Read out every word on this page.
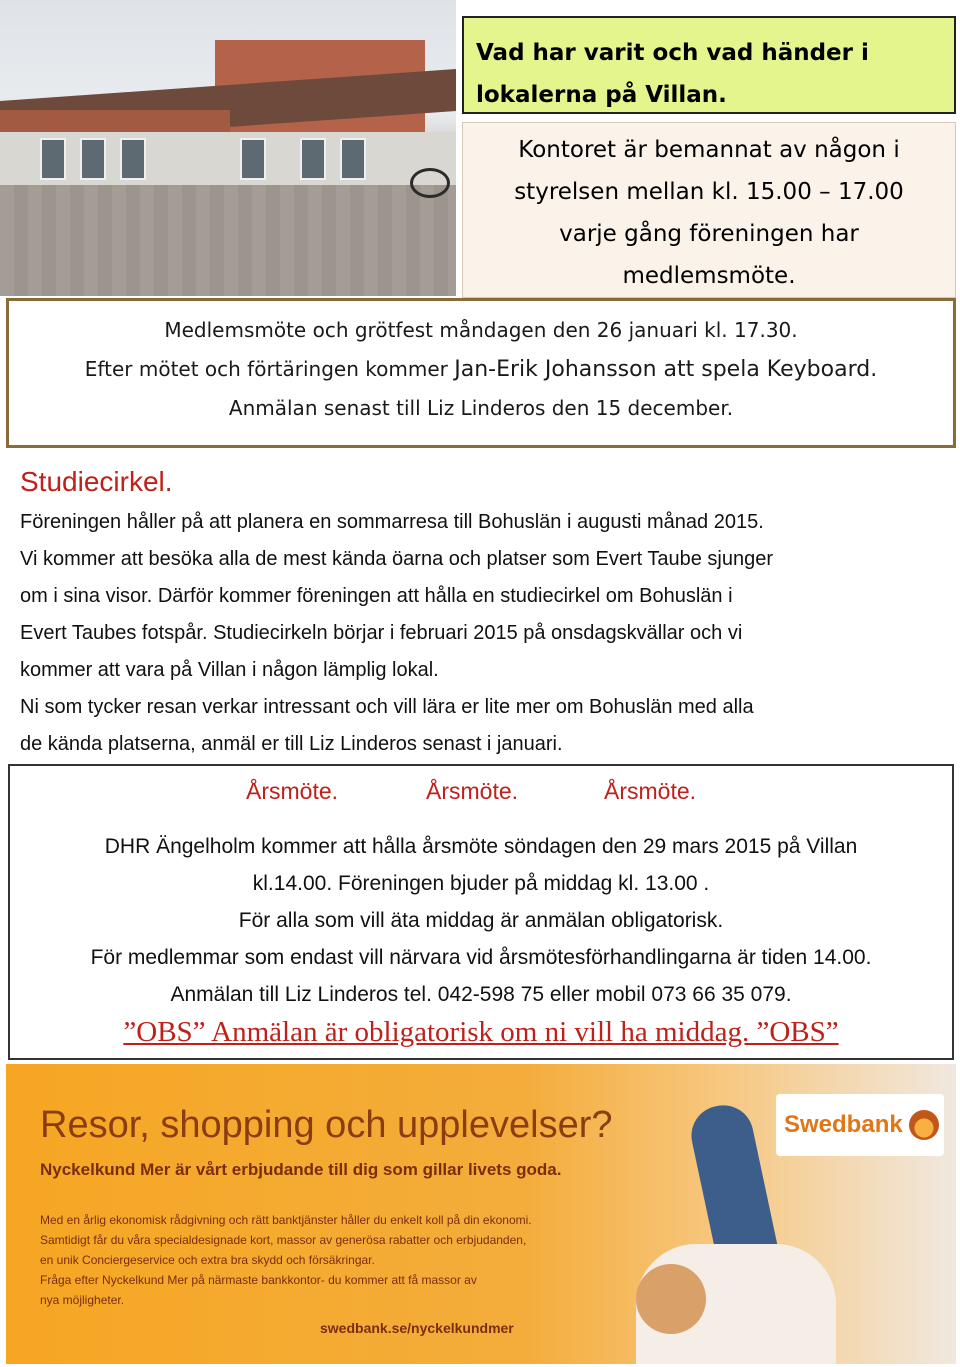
Vad har varit och vad händer i
lokalerna på Villan.
Kontoret är bemannat av någon i
styrelsen mellan kl. 15.00 – 17.00
varje gång föreningen har
medlemsmöte.
Medlemsmöte och grötfest måndagen den 26 januari kl. 17.30.
Efter mötet och förtäringen kommer Jan-Erik Johansson att spela Keyboard.
Anmälan senast till Liz Linderos den 15 december.
Studiecirkel.
Föreningen håller på att planera en sommarresa till Bohuslän i augusti månad 2015.
Vi kommer att besöka alla de mest kända öarna och platser som Evert Taube sjunger
om i sina visor. Därför kommer föreningen att hålla en studiecirkel om Bohuslän i
Evert Taubes fotspår. Studiecirkeln börjar i februari 2015 på onsdagskvällar och vi
kommer att vara på Villan i någon lämplig lokal.
Ni som tycker resan verkar intressant och vill lära er lite mer om Bohuslän med alla
de kända platserna, anmäl er till Liz Linderos senast i januari.
Årsmöte.	Årsmöte.	Årsmöte.
DHR Ängelholm kommer att hålla årsmöte söndagen den 29 mars 2015 på Villan
kl.14.00. Föreningen bjuder på middag kl. 13.00 .
För alla som vill äta middag är anmälan obligatorisk.
För medlemmar som endast vill närvara vid årsmötesförhandlingarna är tiden 14.00.
Anmälan till Liz Linderos tel. 042-598 75 eller mobil 073 66 35 079.
”OBS” Anmälan är obligatorisk om ni vill ha middag. ”OBS”
Resor, shopping och upplevelser?
Nyckelkund Mer är vårt erbjudande till dig som gillar livets goda.
Med en årlig ekonomisk rådgivning och rätt banktjänster håller du enkelt koll på din ekonomi.
Samtidigt får du våra specialdesignade kort, massor av generösa rabatter och erbjudanden,
en unik Conciergeservice och extra bra skydd och försäkringar.
Fråga efter Nyckelkund Mer på närmaste bankkontor- du kommer att få massor av
nya möjligheter.
swedbank.se/nyckelkundmer
Swedbank
